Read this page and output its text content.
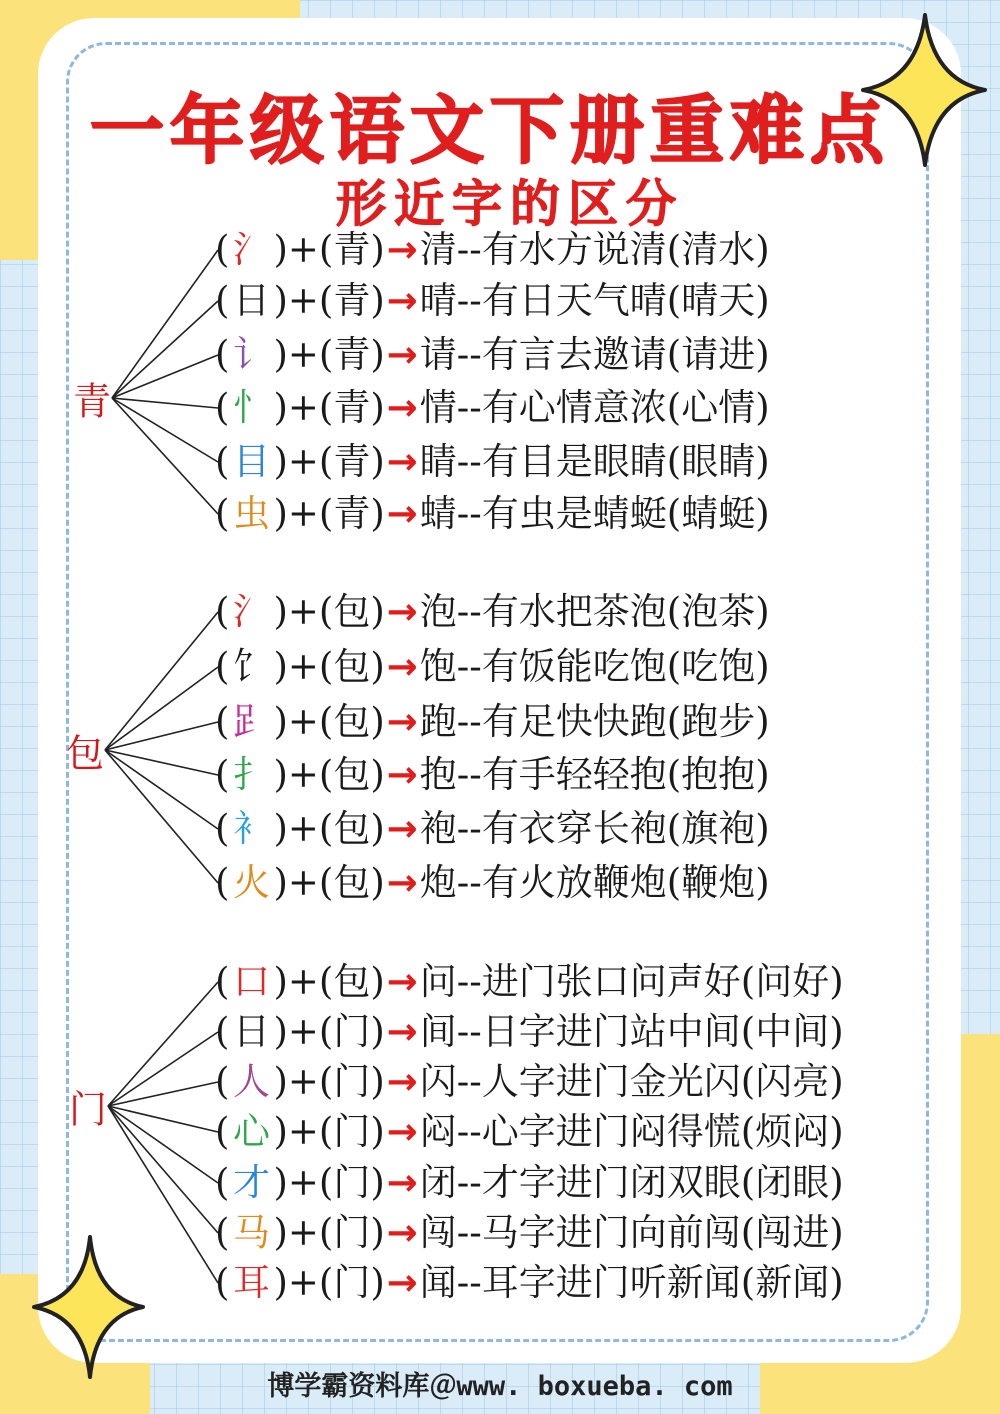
一年级语文下册重难点
形近字的区分
青
(氵)+(青)→清--有水方说清(清水)
(日)+(青)→晴--有日天气晴(晴天)
(讠)+(青)→请--有言去邀请(请进)
(忄)+(青)→情--有心情意浓(心情)
(目)+(青)→睛--有目是眼睛(眼睛)
(虫)+(青)→蜻--有虫是蜻蜓(蜻蜓)
包
(氵)+(包)→泡--有水把茶泡(泡茶)
(饣)+(包)→饱--有饭能吃饱(吃饱)
(𧾷)+(包)→跑--有足快快跑(跑步)
(扌)+(包)→抱--有手轻轻抱(抱抱)
(衤)+(包)→袍--有衣穿长袍(旗袍)
(火)+(包)→炮--有火放鞭炮(鞭炮)
门
(口)+(包)→问--进门张口问声好(问好)
(日)+(门)→间--日字进门站中间(中间)
(人)+(门)→闪--人字进门金光闪(闪亮)
(心)+(门)→闷--心字进门闷得慌(烦闷)
(才)+(门)→闭--才字进门闭双眼(闭眼)
(马)+(门)→闯--马字进门向前闯(闯进)
(耳)+(门)→闻--耳字进门听新闻(新闻)
博学霸资料库＠www. boxueba. com
